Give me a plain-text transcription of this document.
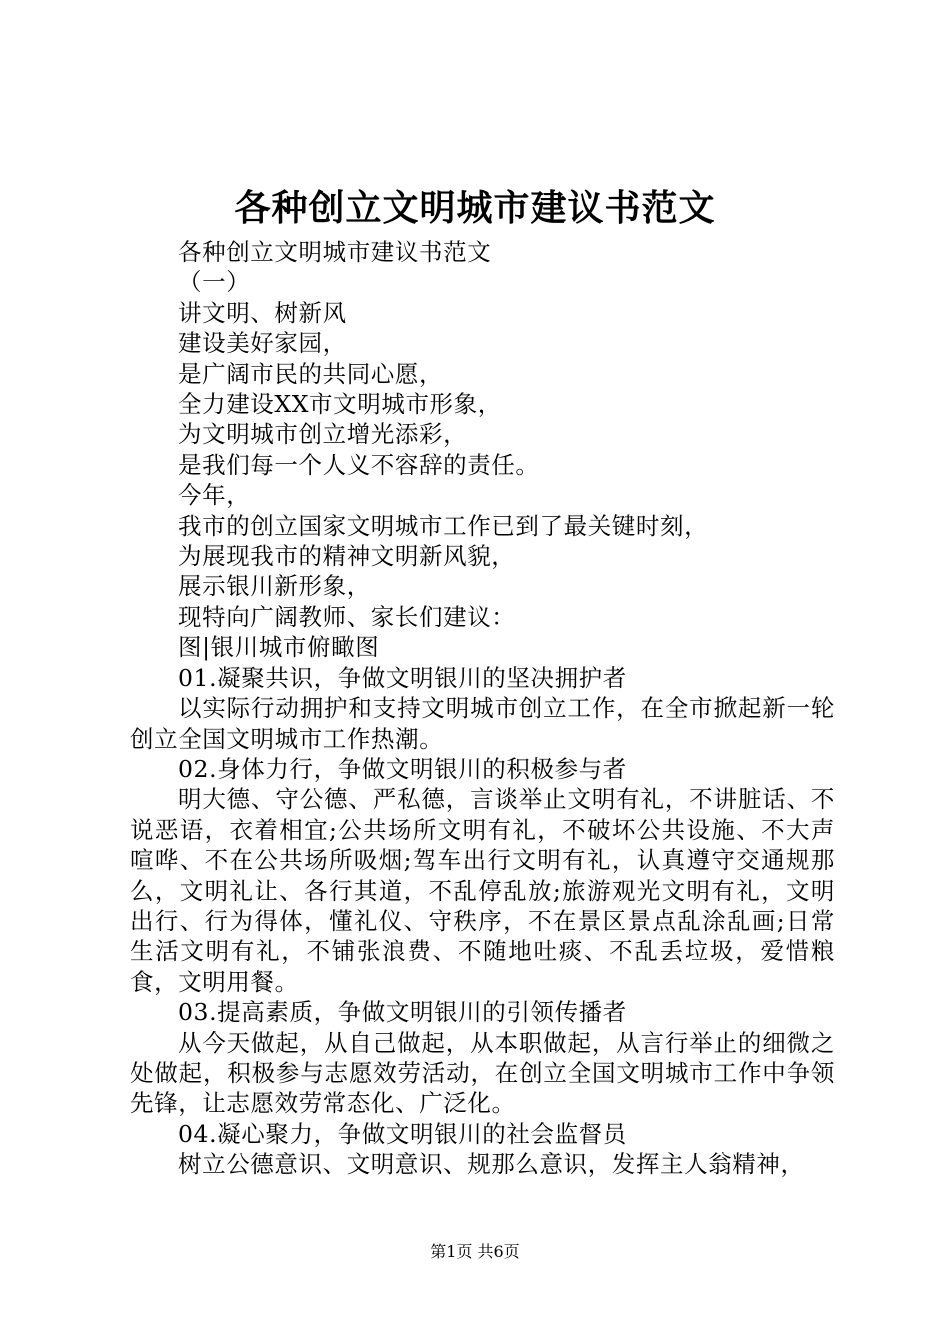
各种创立文明城市建议书范文
各种创立文明城市建议书范文
（一）
讲文明、树新风
建设美好家园，
是广阔市民的共同心愿，
全力建设XX市文明城市形象，
为文明城市创立增光添彩，
是我们每一个人义不容辞的责任。
今年，
我市的创立国家文明城市工作已到了最关键时刻，
为展现我市的精神文明新风貌，
展示银川新形象，
现特向广阔教师、家长们建议：
图|银川城市俯瞰图
01.凝聚共识，争做文明银川的坚决拥护者
以实际行动拥护和支持文明城市创立工作，在全市掀起新一轮创立全国文明城市工作热潮。
02.身体力行，争做文明银川的积极参与者
明大德、守公德、严私德，言谈举止文明有礼，不讲脏话、不说恶语，衣着相宜;公共场所文明有礼，不破坏公共设施、不大声喧哗、不在公共场所吸烟;驾车出行文明有礼，认真遵守交通规那么，文明礼让、各行其道，不乱停乱放;旅游观光文明有礼，文明出行、行为得体，懂礼仪、守秩序，不在景区景点乱涂乱画;日常生活文明有礼，不铺张浪费、不随地吐痰、不乱丢垃圾，爱惜粮食，文明用餐。
03.提高素质，争做文明银川的引领传播者
从今天做起，从自己做起，从本职做起，从言行举止的细微之处做起，积极参与志愿效劳活动，在创立全国文明城市工作中争领先锋，让志愿效劳常态化、广泛化。
04.凝心聚力，争做文明银川的社会监督员
树立公德意识、文明意识、规那么意识，发挥主人翁精神，
第1页 共6页
